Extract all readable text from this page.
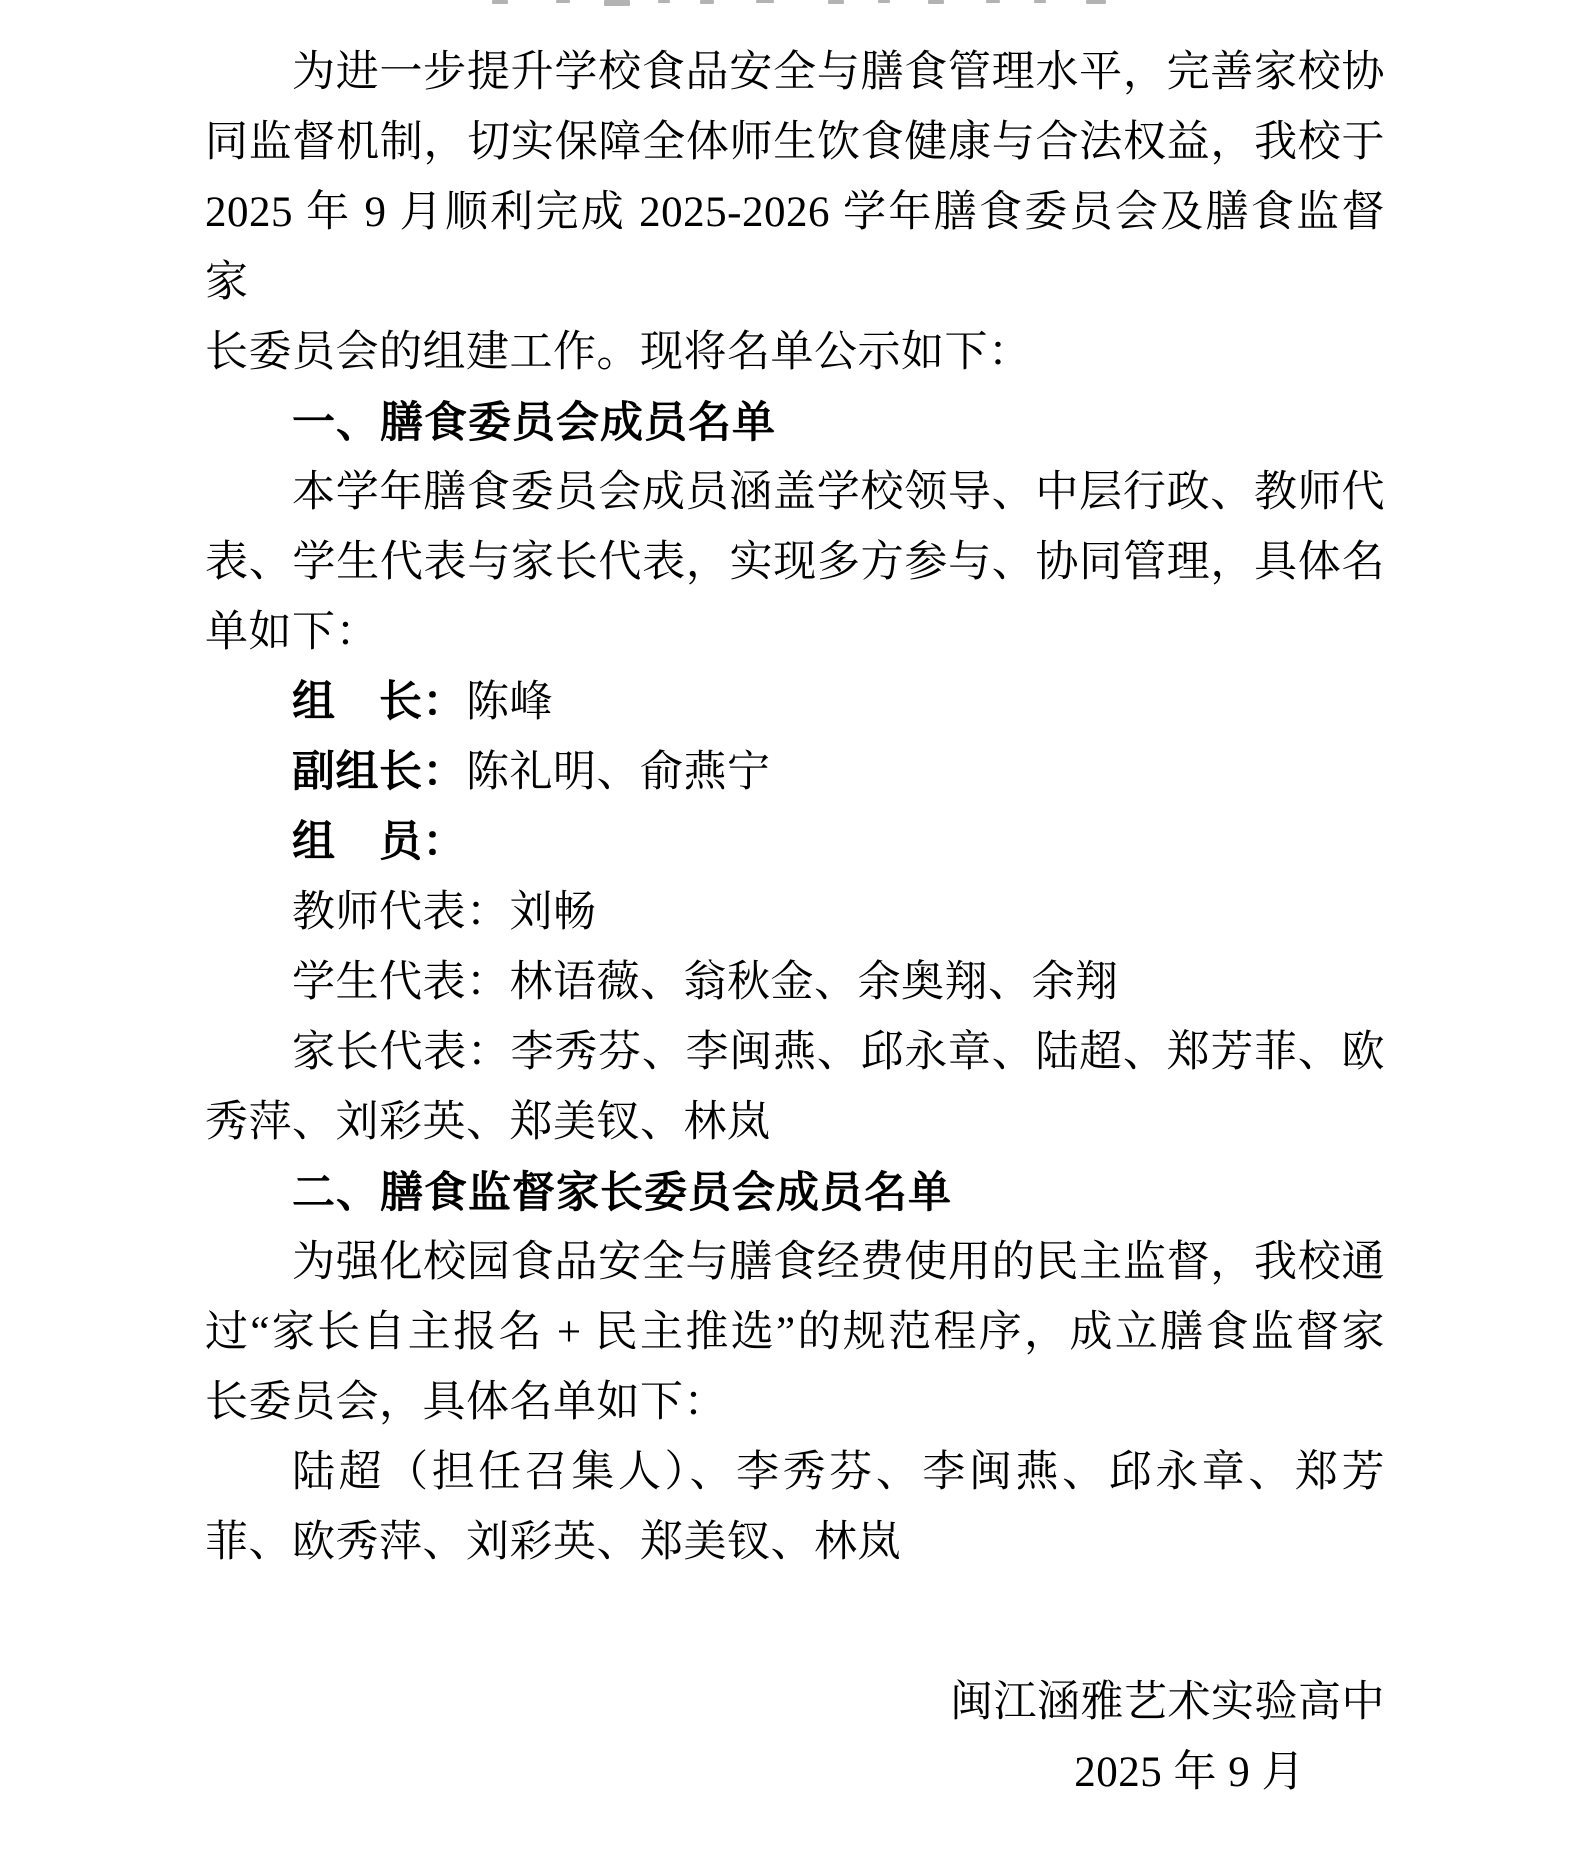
为进一步提升学校食品安全与膳食管理水平，完善家校协
同监督机制，切实保障全体师生饮食健康与合法权益，我校于
2025 年 9 月顺利完成 2025-2026 学年膳食委员会及膳食监督家
长委员会的组建工作。现将名单公示如下：
一、膳食委员会成员名单
本学年膳食委员会成员涵盖学校领导、中层行政、教师代
表、学生代表与家长代表，实现多方参与、协同管理，具体名
单如下：
组　长：陈峰
副组长：陈礼明、俞燕宁
组　员：
教师代表：刘畅
学生代表：林语薇、翁秋金、余奥翔、余翔
家长代表：李秀芬、李闽燕、邱永章、陆超、郑芳菲、欧
秀萍、刘彩英、郑美钗、林岚
二、膳食监督家长委员会成员名单
为强化校园食品安全与膳食经费使用的民主监督，我校通
过“家长自主报名 + 民主推选”的规范程序，成立膳食监督家
长委员会，具体名单如下：
陆超（担任召集人）、李秀芬、李闽燕、邱永章、郑芳
菲、欧秀萍、刘彩英、郑美钗、林岚
闽江涵雅艺术实验高中
2025 年 9 月
